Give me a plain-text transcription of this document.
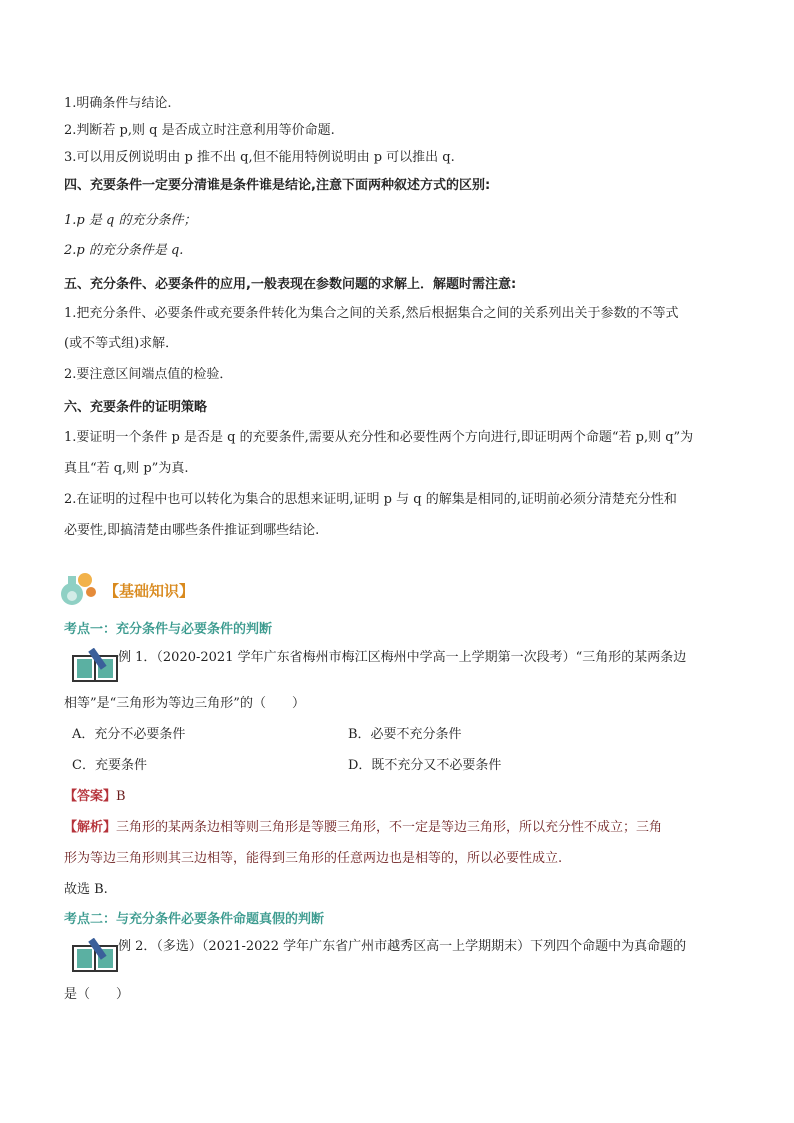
1.明确条件与结论.
2.判断若 p,则 q 是否成立时注意利用等价命题.
3.可以用反例说明由 p 推不出 q,但不能用特例说明由 p 可以推出 q.
四、充要条件一定要分清谁是条件谁是结论,注意下面两种叙述方式的区别:
1.p 是 q 的充分条件；
2.p 的充分条件是 q.
五、充分条件、必要条件的应用,一般表现在参数问题的求解上．解题时需注意:
1.把充分条件、必要条件或充要条件转化为集合之间的关系,然后根据集合之间的关系列出关于参数的不等式
(或不等式组)求解．
2.要注意区间端点值的检验．
六、充要条件的证明策略
1.要证明一个条件 p 是否是 q 的充要条件,需要从充分性和必要性两个方向进行,即证明两个命题“若 p,则 q”为
真且“若 q,则 p”为真.
2.在证明的过程中也可以转化为集合的思想来证明,证明 p 与 q 的解集是相同的,证明前必须分清楚充分性和
必要性,即搞清楚由哪些条件推证到哪些结论.
【基础知识】
考点一：充分条件与必要条件的判断
例 1．（2020-2021 学年广东省梅州市梅江区梅州中学高一上学期第一次段考）“三角形的某两条边
相等”是“三角形为等边三角形”的（　　）
A．充分不必要条件	B．必要不充分条件
C．充要条件	D．既不充分又不必要条件
【答案】B
【解析】三角形的某两条边相等则三角形是等腰三角形，不一定是等边三角形，所以充分性不成立；三角
形为等边三角形则其三边相等，能得到三角形的任意两边也是相等的，所以必要性成立.
故选 B.
考点二：与充分条件必要条件命题真假的判断
例 2．（多选）（2021-2022 学年广东省广州市越秀区高一上学期期末）下列四个命题中为真命题的
是（　　）
